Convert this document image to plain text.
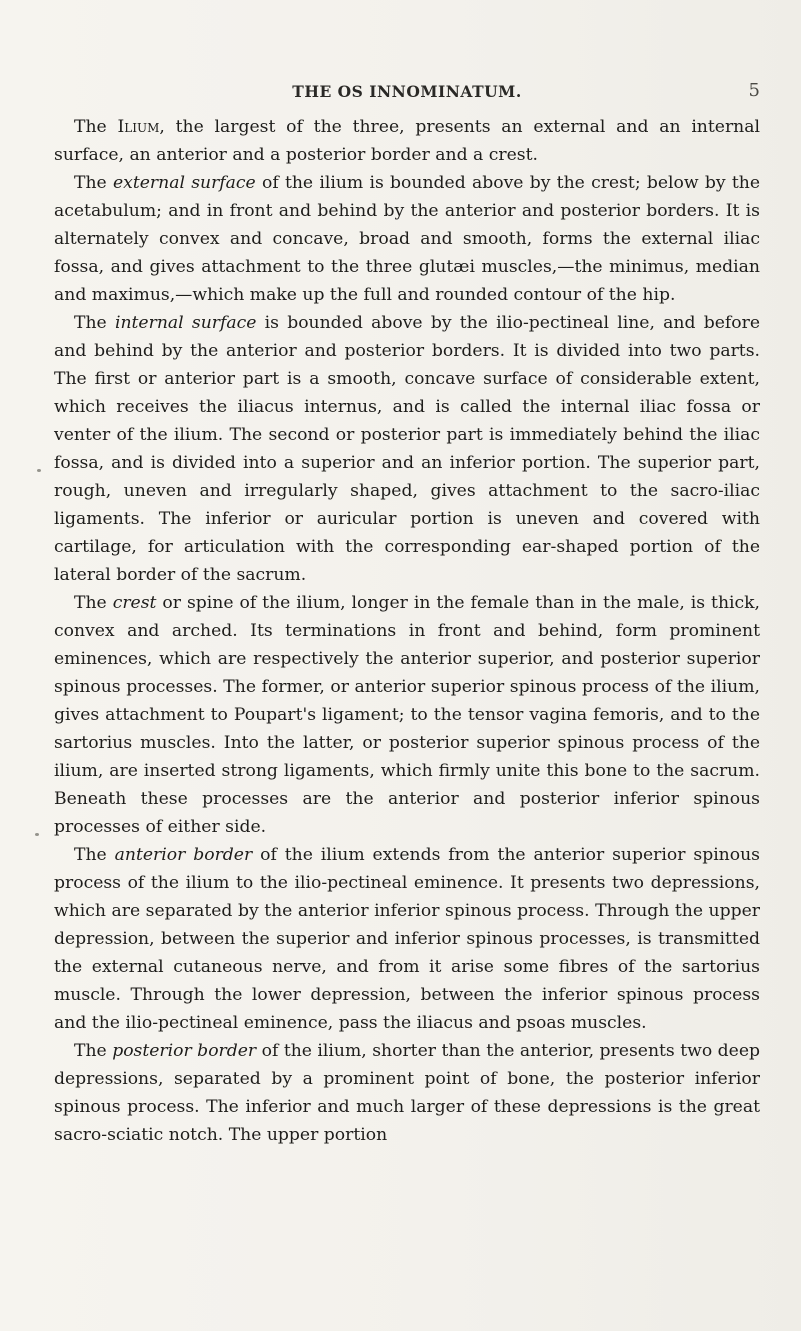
THE OS INNOMINATUM.	5

The Ilium, the largest of the three, presents an external and an internal surface, an anterior and a posterior border and a crest.

The external surface of the ilium is bounded above by the crest; below by the acetabulum; and in front and behind by the anterior and posterior borders. It is alternately convex and concave, broad and smooth, forms the external iliac fossa, and gives attachment to the three glutæi muscles,—the minimus, median and maximus,—which make up the full and rounded contour of the hip.

The internal surface is bounded above by the ilio-pectineal line, and before and behind by the anterior and posterior borders. It is divided into two parts. The first or anterior part is a smooth, concave surface of considerable extent, which receives the iliacus internus, and is called the internal iliac fossa or venter of the ilium. The second or posterior part is immediately behind the iliac fossa, and is divided into a superior and an inferior portion. The superior part, rough, uneven and irregularly shaped, gives attachment to the sacro-iliac ligaments. The inferior or auricular portion is uneven and covered with cartilage, for articulation with the corresponding ear-shaped portion of the lateral border of the sacrum.

The crest or spine of the ilium, longer in the female than in the male, is thick, convex and arched. Its terminations in front and behind, form prominent eminences, which are respectively the anterior superior, and posterior superior spinous processes. The former, or anterior superior spinous process of the ilium, gives attachment to Poupart's ligament; to the tensor vagina femoris, and to the sartorius muscles. Into the latter, or posterior superior spinous process of the ilium, are inserted strong ligaments, which firmly unite this bone to the sacrum. Beneath these processes are the anterior and posterior inferior spinous processes of either side.

The anterior border of the ilium extends from the anterior superior spinous process of the ilium to the ilio-pectineal eminence. It presents two depressions, which are separated by the anterior inferior spinous process. Through the upper depression, between the superior and inferior spinous processes, is transmitted the external cutaneous nerve, and from it arise some fibres of the sartorius muscle. Through the lower depression, between the inferior spinous process and the ilio-pectineal eminence, pass the iliacus and psoas muscles.

The posterior border of the ilium, shorter than the anterior, presents two deep depressions, separated by a prominent point of bone, the posterior inferior spinous process. The inferior and much larger of these depressions is the great sacro-sciatic notch. The upper portion
